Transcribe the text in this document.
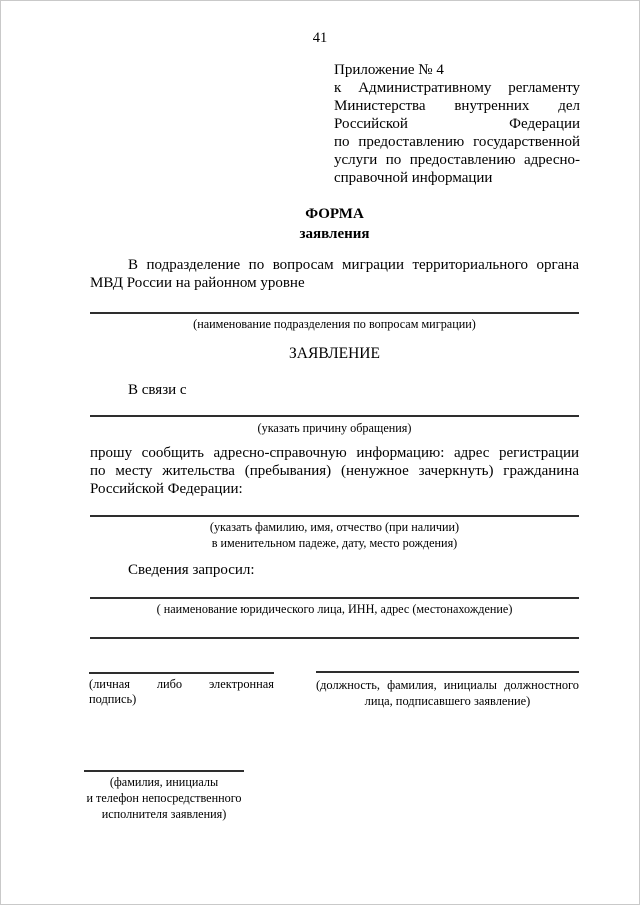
41
Приложение № 4
к Административному регламенту
Министерства внутренних дел
Российской Федерации
по предоставлению государственной
услуги по предоставлению адресно-
справочной информации
ФОРМА
заявления
В подразделение по вопросам миграции территориального органа
МВД России на районном уровне
(наименование подразделения по вопросам миграции)
ЗАЯВЛЕНИЕ
В связи с
(указать причину обращения)
прошу сообщить адресно-справочную информацию: адрес регистрации
по месту жительства (пребывания) (ненужное зачеркнуть) гражданина
Российской Федерации:
(указать фамилию, имя, отчество (при наличии)
в именительном падеже, дату, место рождения)
Сведения запросил:
( наименование юридического лица, ИНН, адрес (местонахождение)
(личная либо электронная подпись)
(должность, фамилия, инициалы должностного
лица, подписавшего заявление)
(фамилия, инициалы
и телефон непосредственного
исполнителя заявления)
